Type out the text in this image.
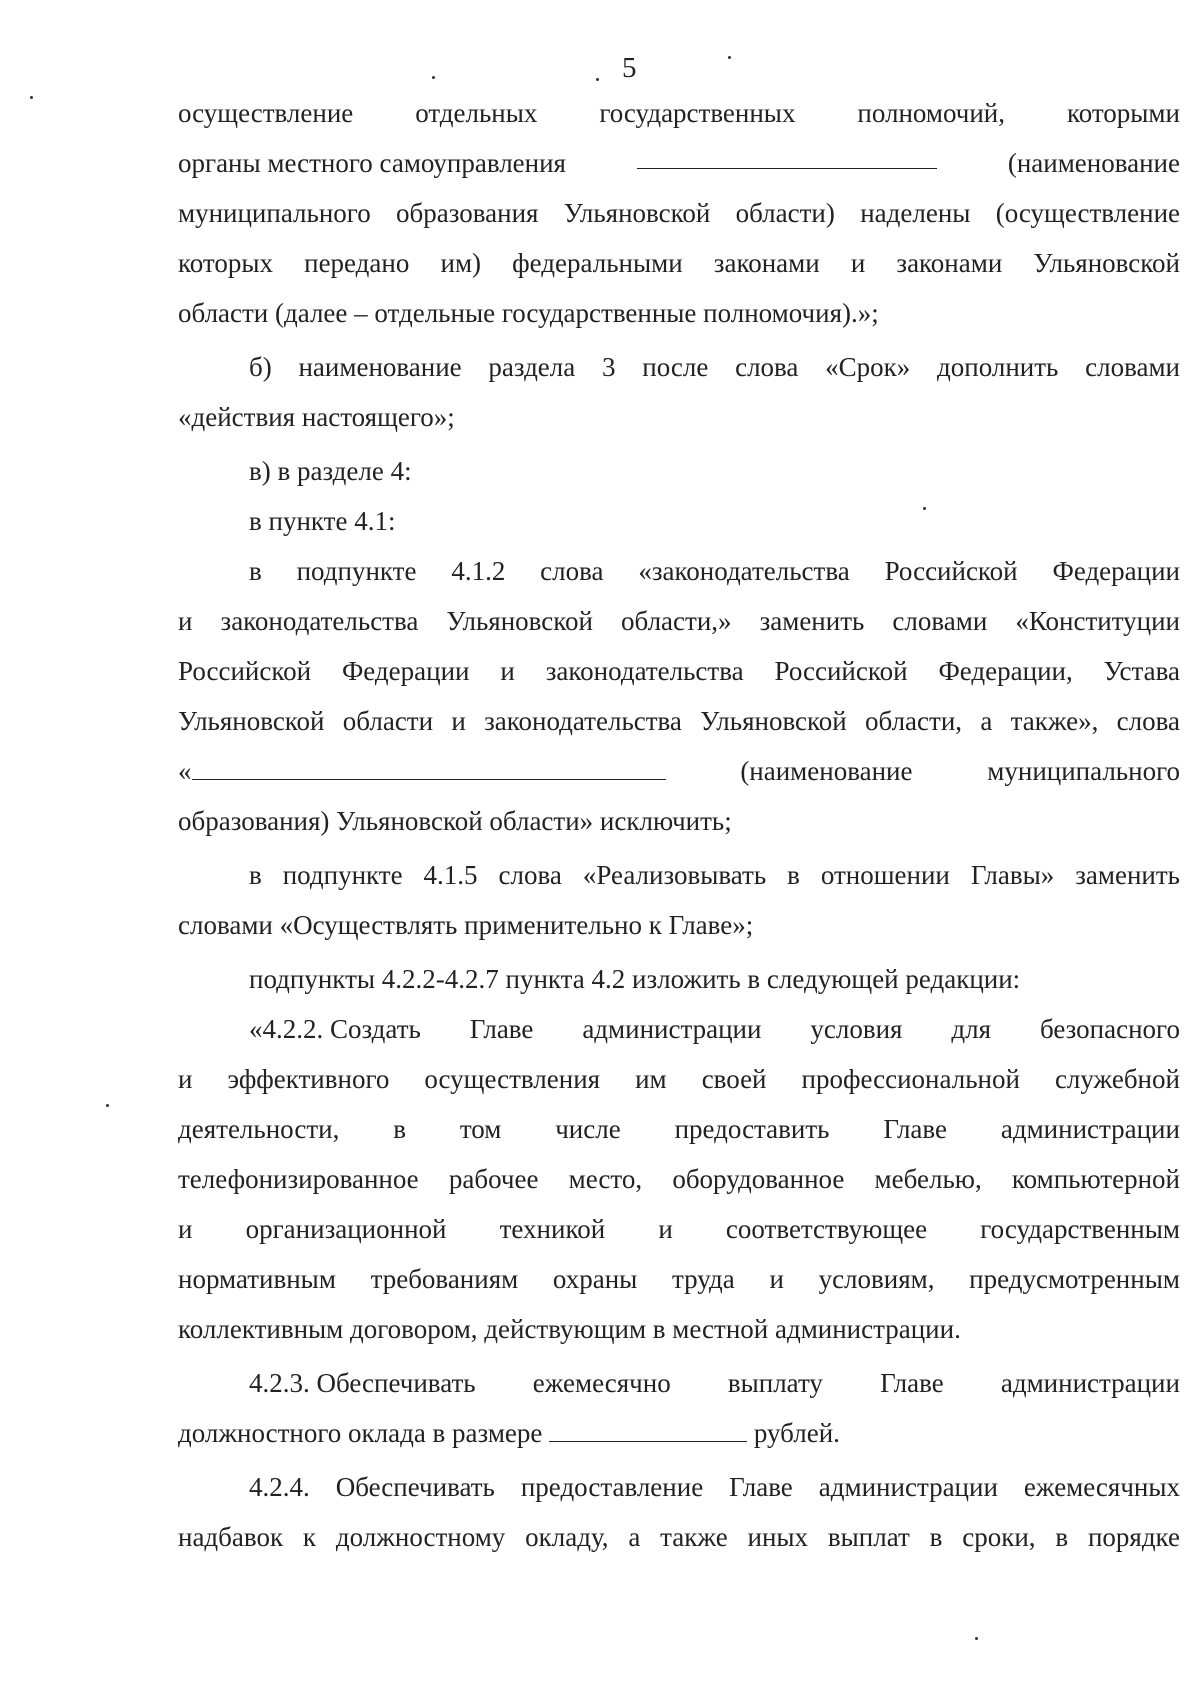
5
осуществление отдельных государственных полномочий, которыми
органы местного самоуправления	(наименование
муниципального образования Ульяновской области) наделены (осуществление
которых передано им) федеральными законами и законами Ульяновской
области (далее – отдельные государственные полномочия).»;
б) наименование раздела 3 после слова «Срок» дополнить словами
«действия настоящего»;
в) в разделе 4:
в пункте 4.1:
в подпункте 4.1.2 слова «законодательства Российской Федерации
и законодательства Ульяновской области,» заменить словами «Конституции
Российской Федерации и законодательства Российской Федерации, Устава
Ульяновской области и законодательства Ульяновской области, а также», слова
«	(наименование	муниципального
образования) Ульяновской области» исключить;
в подпункте 4.1.5 слова «Реализовывать в отношении Главы» заменить
словами «Осуществлять применительно к Главе»;
подпункты 4.2.2-4.2.7 пункта 4.2 изложить в следующей редакции:
«4.2.2. Создать Главе администрации условия для безопасного
и эффективного осуществления им своей профессиональной служебной
деятельности, в том числе предоставить Главе администрации
телефонизированное рабочее место, оборудованное мебелью, компьютерной
и организационной техникой и соответствующее государственным
нормативным требованиям охраны труда и условиям, предусмотренным
коллективным договором, действующим в местной администрации.
4.2.3. Обеспечивать ежемесячно выплату Главе администрации
должностного оклада в размере	рублей.
4.2.4. Обеспечивать предоставление Главе администрации ежемесячных
надбавок к должностному окладу, а также иных выплат в сроки, в порядке
